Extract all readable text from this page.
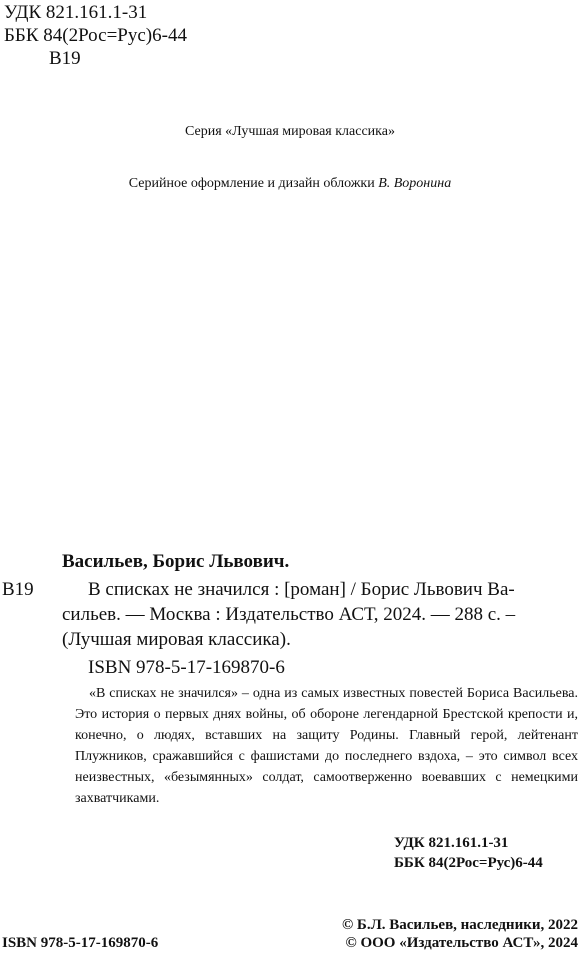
УДК 821.161.1-31
ББК 84(2Рос=Рус)6-44
В19
Серия «Лучшая мировая классика»
Серийное оформление и дизайн обложки В. Воронина
Васильев, Борис Львович.
В19	В списках не значился : [роман] / Борис Львович Ва-
сильев. — Москва : Издательство АСТ, 2024. — 288 с. –
(Лучшая мировая классика).
ISBN 978-5-17-169870-6

«В списках не значился» – одна из самых известных повестей Бориса Васильева. Это история о первых днях войны, об обороне легендарной Брестской крепости и, конечно, о людях, вставших на защиту Родины. Главный герой, лейтенант Плужников, сражавшийся с фашистами до последнего вздоха, – это символ всех неизвестных, «безымянных» солдат, самоотверженно воевавших с немецкими захватчиками.

УДК 821.161.1-31
ББК 84(2Рос=Рус)6-44
© Б.Л. Васильев, наследники, 2022
ISBN 978-5-17-169870-6	© ООО «Издательство АСТ», 2024
